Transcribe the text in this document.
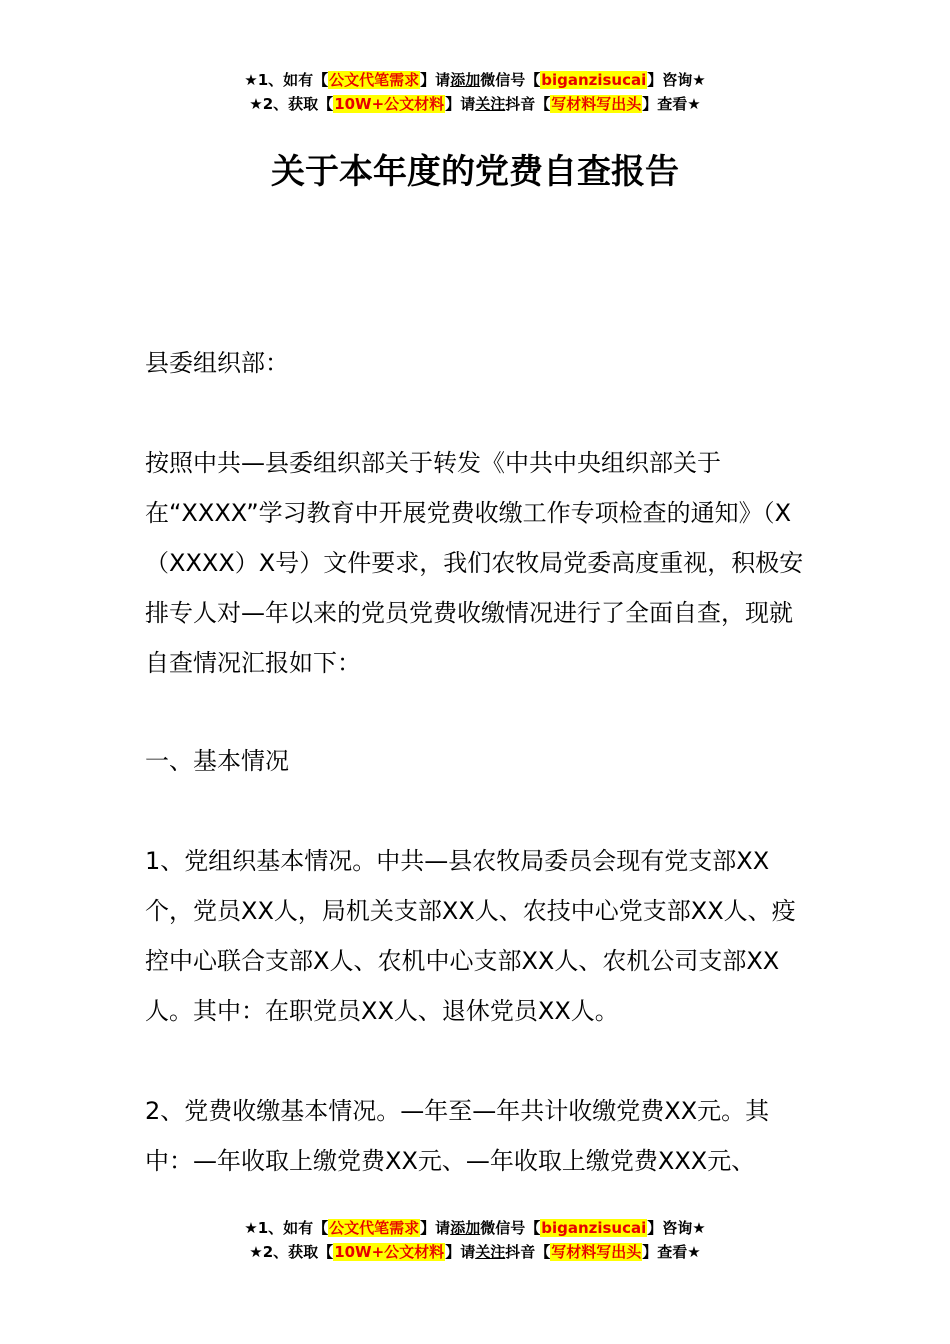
★1、如有【公文代笔需求】请添加微信号【biganzisucai】咨询★
★2、获取【10W+公文材料】请关注抖音【写材料写出头】查看★
关于本年度的党费自查报告

县委组织部：

按照中共—县委组织部关于转发《中共中央组织部关于在“XXXX”学习教育中开展党费收缴工作专项检查的通知》（X（XXXX）X号）文件要求，我们农牧局党委高度重视，积极安排专人对—年以来的党员党费收缴情况进行了全面自查，现就自查情况汇报如下：

一、基本情况

1、党组织基本情况。中共—县农牧局委员会现有党支部XX个，党员XX人，局机关支部XX人、农技中心党支部XX人、疫控中心联合支部X人、农机中心支部XX人、农机公司支部XX人。其中：在职党员XX人、退休党员XX人。

2、党费收缴基本情况。—年至—年共计收缴党费XX元。其中：—年收取上缴党费XX元、—年收取上缴党费XXX元、

★1、如有【公文代笔需求】请添加微信号【biganzisucai】咨询★
★2、获取【10W+公文材料】请关注抖音【写材料写出头】查看★
